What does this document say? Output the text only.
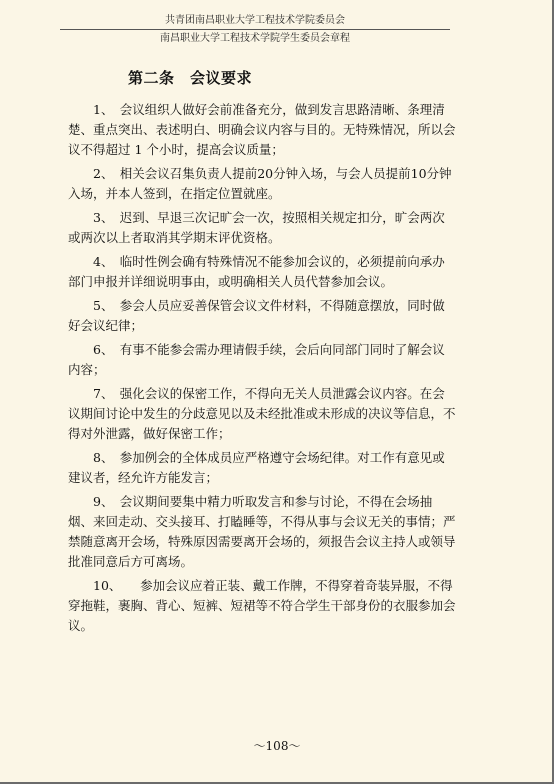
共青团南昌职业大学工程技术学院委员会
南昌职业大学工程技术学院学生委员会章程
第二条　会议要求

1、　会议组织人做好会前准备充分，做到发言思路清晰、条理清楚、重点突出、表述明白、明确会议内容与目的。无特殊情况，所以会议不得超过 1 个小时，提高会议质量；

2、　相关会议召集负责人提前20分钟入场，与会人员提前10分钟入场，并本人签到，在指定位置就座。

3、　迟到、早退三次记旷会一次，按照相关规定扣分，旷会两次或两次以上者取消其学期末评优资格。

4、　临时性例会确有特殊情况不能参加会议的，必须提前向承办部门申报并详细说明事由，或明确相关人员代替参加会议。

5、　参会人员应妥善保管会议文件材料，不得随意摆放，同时做好会议纪律；

6、　有事不能参会需办理请假手续，会后向同部门同时了解会议内容；

7、　强化会议的保密工作，不得向无关人员泄露会议内容。在会议期间讨论中发生的分歧意见以及未经批准或未形成的决议等信息，不得对外泄露，做好保密工作；

8、　参加例会的全体成员应严格遵守会场纪律。对工作有意见或建议者，经允许方能发言；

9、　会议期间要集中精力听取发言和参与讨论，不得在会场抽烟、来回走动、交头接耳、打瞌睡等，不得从事与会议无关的事情；严禁随意离开会场，特殊原因需要离开会场的，须报告会议主持人或领导批准同意后方可离场。

10、　　参加会议应着正装、戴工作牌，不得穿着奇装异服，不得穿拖鞋，裹胸、背心、短裤、短裙等不符合学生干部身份的衣服参加会议。

～108～
